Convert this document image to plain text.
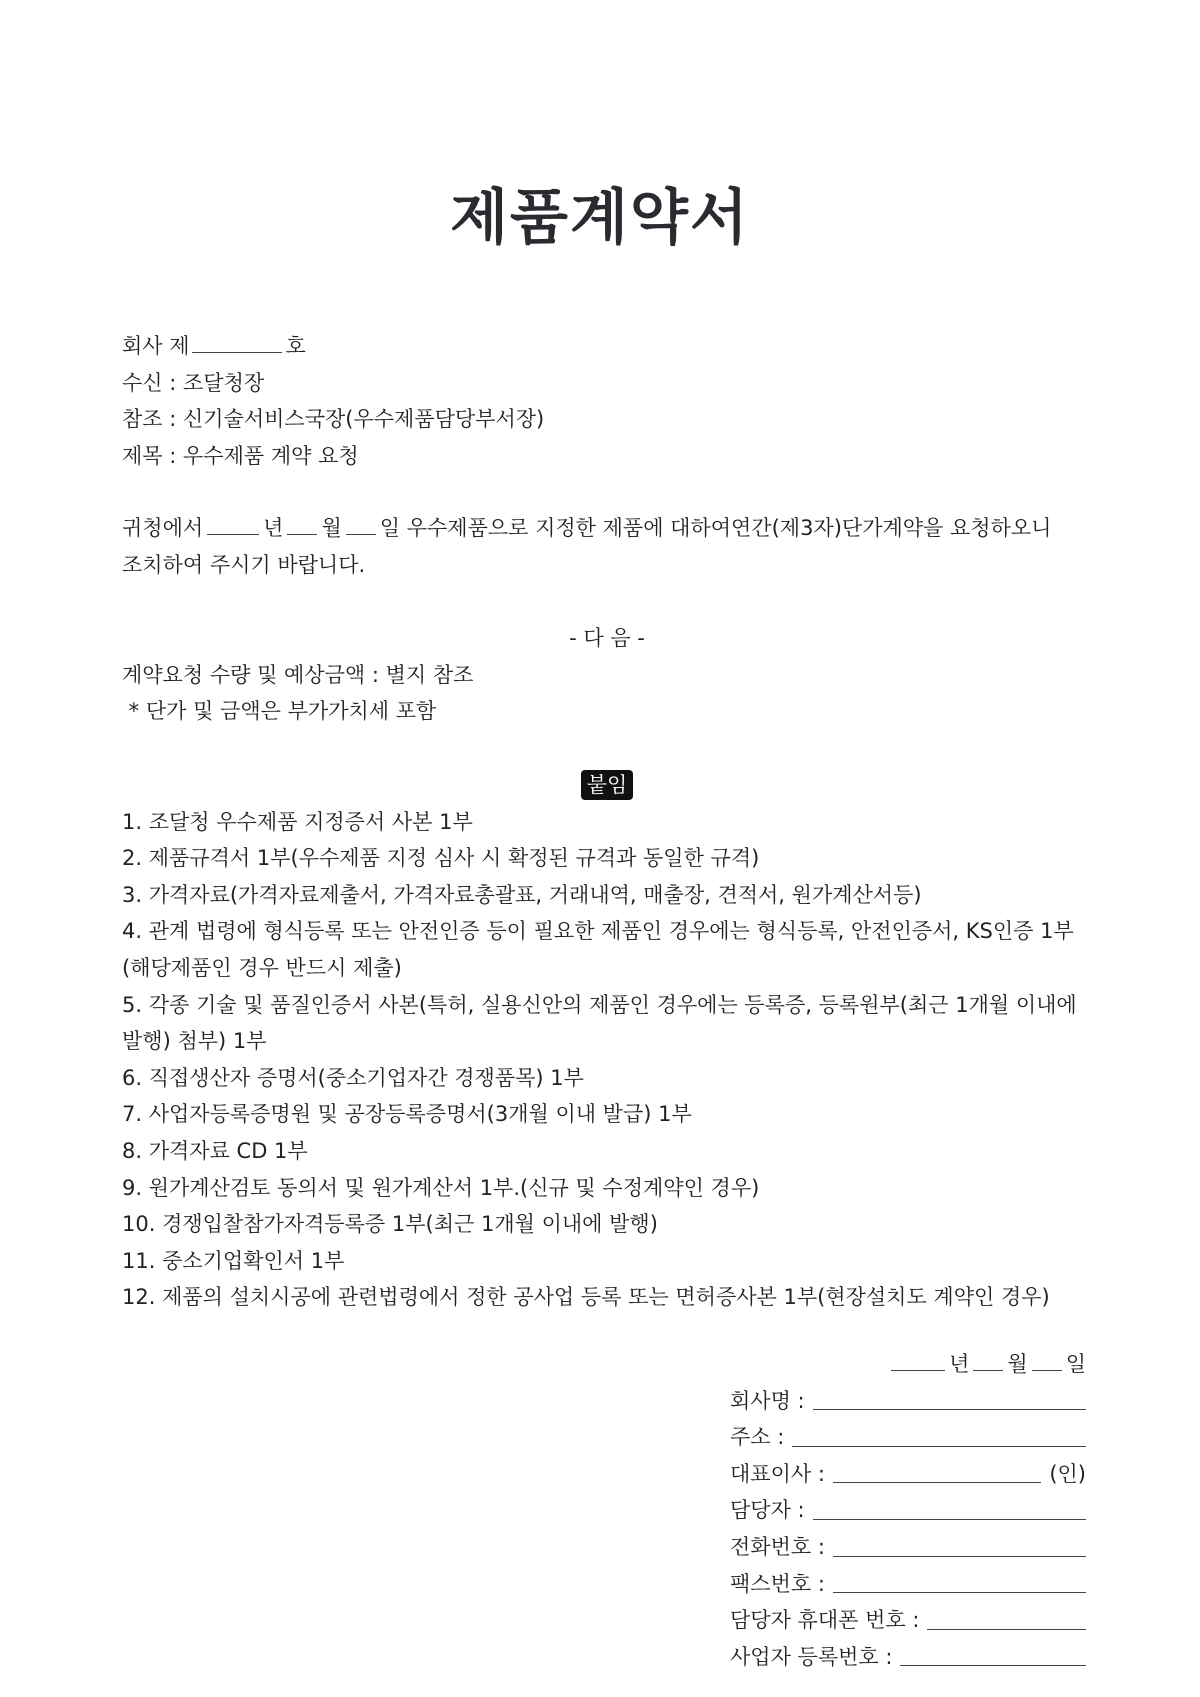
제품계약서
회사 제	호
수신 : 조달청장
참조 : 신기술서비스국장(우수제품담당부서장)
제목 : 우수제품 계약 요청
귀청에서	년 월 일 우수제품으로 지정한 제품에 대하여연간(제3자)단가계약을 요청하오니
조치하여 주시기 바랍니다.
- 다 음 -
계약요청 수량 및 예상금액 : 별지 참조
* 단가 및 금액은 부가가치세 포함
붙임
1. 조달청 우수제품 지정증서 사본 1부
2. 제품규격서 1부(우수제품 지정 심사 시 확정된 규격과 동일한 규격)
3. 가격자료(가격자료제출서, 가격자료총괄표, 거래내역, 매출장, 견적서, 원가계산서등)
4. 관계 법령에 형식등록 또는 안전인증 등이 필요한 제품인 경우에는 형식등록, 안전인증서, KS인증 1부(해당제품인 경우 반드시 제출)
5. 각종 기술 및 품질인증서 사본(특허, 실용신안의 제품인 경우에는 등록증, 등록원부(최근 1개월 이내에 발행) 첨부) 1부
6. 직접생산자 증명서(중소기업자간 경쟁품목) 1부
7. 사업자등록증명원 및 공장등록증명서(3개월 이내 발급) 1부
8. 가격자료 CD 1부
9. 원가계산검토 동의서 및 원가계산서 1부.(신규 및 수정계약인 경우)
10. 경쟁입찰참가자격등록증 1부(최근 1개월 이내에 발행)
11. 중소기업확인서 1부
12. 제품의 설치시공에 관련법령에서 정한 공사업 등록 또는 면허증사본 1부(현장설치도 계약인 경우)
년 월 일
회사명 :
주소 :
대표이사 :	(인)
담당자 :
전화번호 :
팩스번호 :
담당자 휴대폰 번호 :
사업자 등록번호 :
